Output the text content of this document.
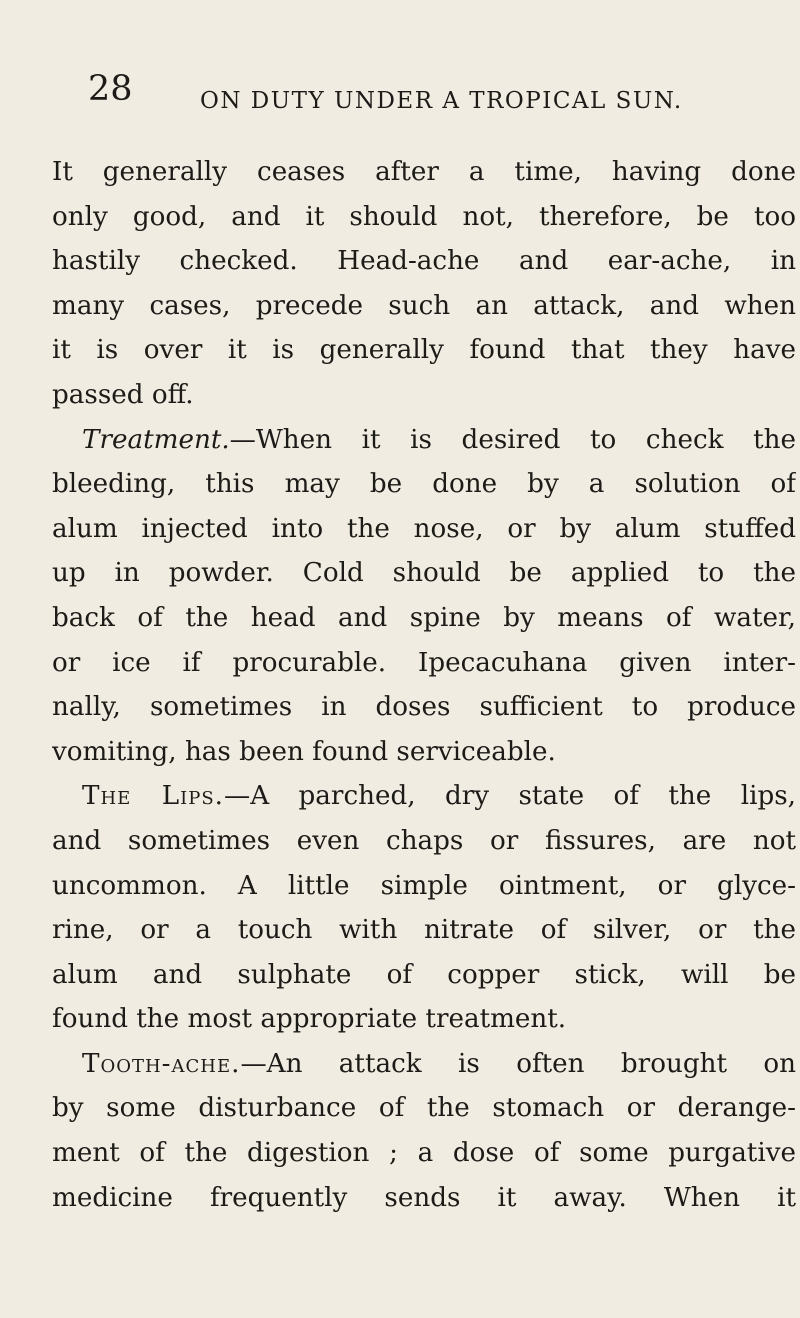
28	ON DUTY UNDER A TROPICAL SUN.
It generally ceases after a time, having done
only good, and it should not, therefore, be too
hastily checked. Head-ache and ear-ache, in
many cases, precede such an attack, and when
it is over it is generally found that they have
passed off.
Treatment.—When it is desired to check the
bleeding, this may be done by a solution of
alum injected into the nose, or by alum stuffed
up in powder. Cold should be applied to the
back of the head and spine by means of water,
or ice if procurable. Ipecacuhana given inter-
nally, sometimes in doses sufficient to produce
vomiting, has been found serviceable.
The Lips.—A parched, dry state of the lips,
and sometimes even chaps or fissures, are not
uncommon. A little simple ointment, or glyce-
rine, or a touch with nitrate of silver, or the
alum and sulphate of copper stick, will be
found the most appropriate treatment.
Tooth-ache.—An attack is often brought on
by some disturbance of the stomach or derange-
ment of the digestion ; a dose of some purgative
medicine frequently sends it away. When it
